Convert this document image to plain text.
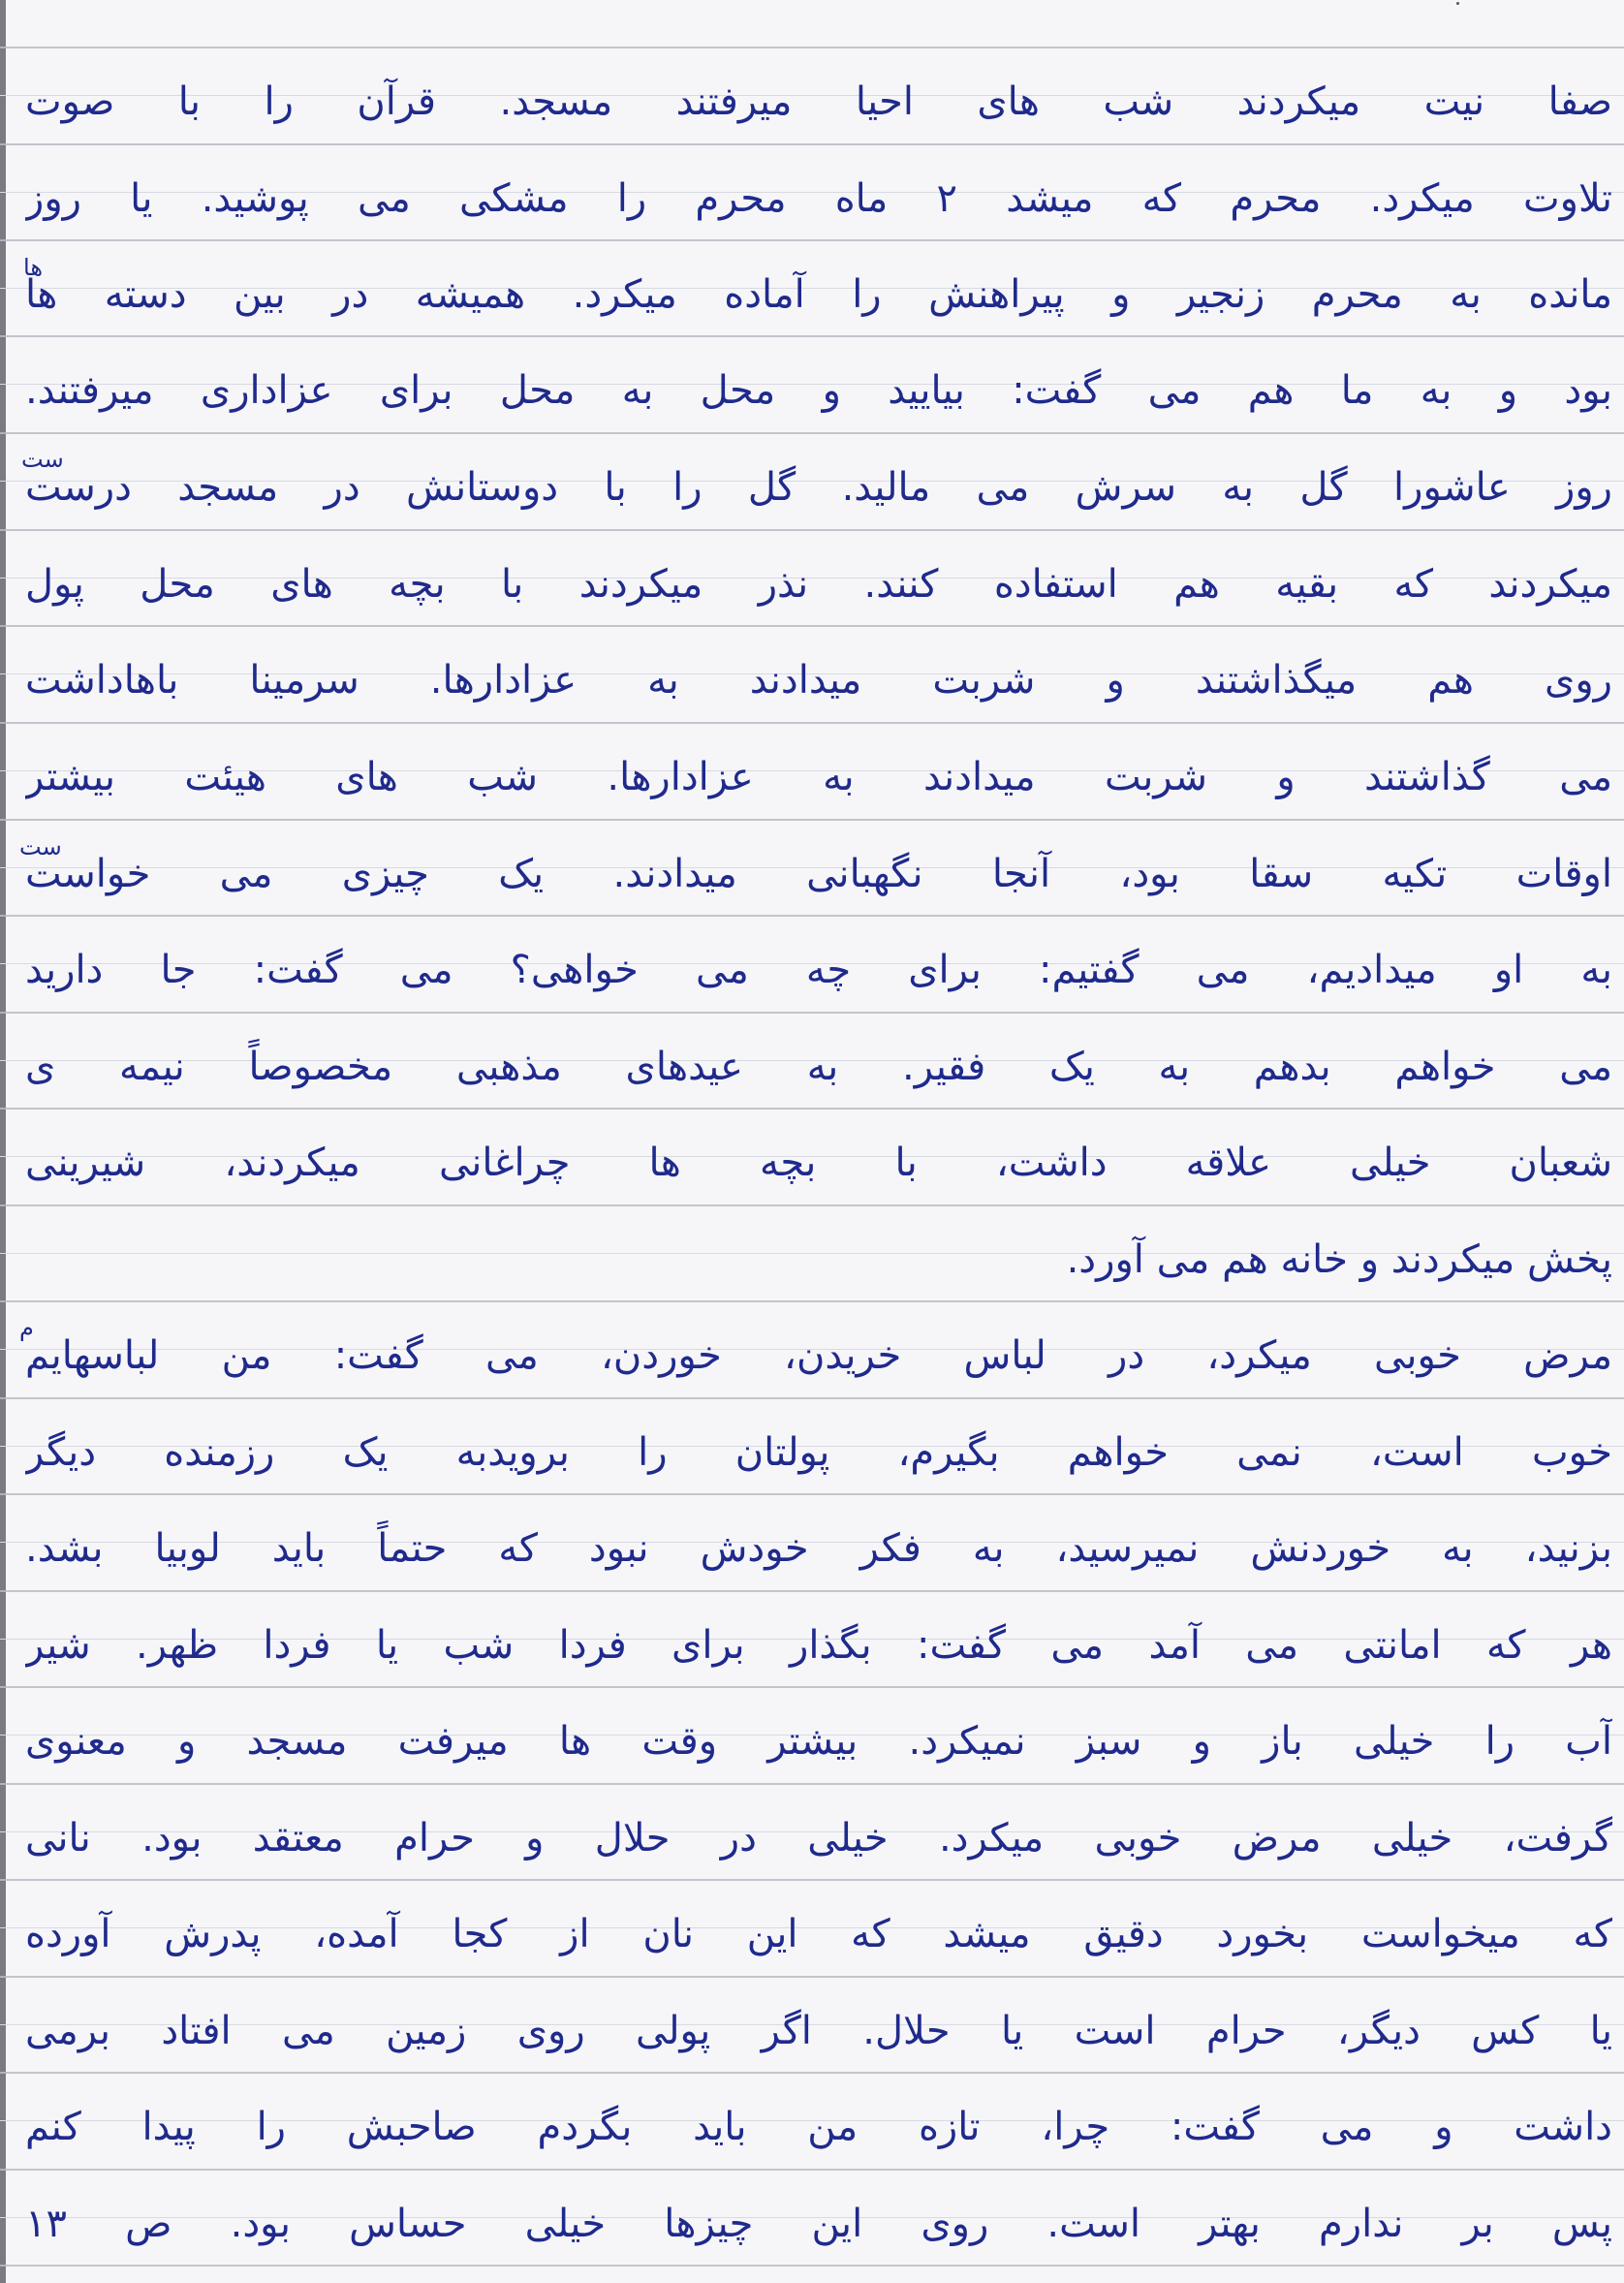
صفا نیت میکردند شب های احیا میرفتند مسجد. قرآن را با صوت
تلاوت میکرد. محرم که میشد ۲ ماه محرم را مشکی می پوشید. یا روز
مانده به محرم زنجیر و پیراهنش را آماده میکرد. همیشه در بین دسته ها
بود و به ما هم می گفت: بیایید و محل به محل برای عزاداری میرفتند.
روز عاشورا گل به سرش می مالید. گل را با دوستانش در مسجد درست
میکردند که بقیه هم استفاده کنند. نذر میکردند با بچه های محل پول
روی هم میگذاشتند و شربت میدادند به عزادارها. سرمینا باهاداشت
می گذاشتند و شربت میدادند به عزادارها. شب های هیئت بیشتر
اوقات تکیه سقا بود، آنجا نگهبانی میدادند. یک چیزی می خواست
به او میدادیم، می گفتیم: برای چه می خواهی؟ می گفت: جا دارید
می خواهم بدهم به یک فقیر. به عیدهای مذهبی مخصوصاً نیمه ی
شعبان خیلی علاقه داشت، با بچه ها چراغانی میکردند، شیرینی
پخش میکردند و خانه هم می آورد.
مرض خوبی میکرد، در لباس خریدن، خوردن، می گفت: من لباسهایم
خوب است، نمی خواهم بگیرم، پولتان را برویدبه یک رزمنده دیگر
بزنید، به خوردنش نمیرسید، به فکر خودش نبود که حتماً باید لوبیا بشد.
هر که امانتی می آمد می گفت: بگذار برای فردا شب یا فردا ظهر. شیر
آب را خیلی باز و سبز نمیکرد. بیشتر وقت ها میرفت مسجد و معنوی
گرفت، خیلی مرض خوبی میکرد. خیلی در حلال و حرام معتقد بود. نانی
که میخواست بخورد دقیق میشد که این نان از کجا آمده، پدرش آورده
یا کس دیگر، حرام است یا حلال. اگر پولی روی زمین می افتاد برمی
داشت و می گفت: چرا، تازه من باید بگردم صاحبش را پیدا کنم
پس بر ندارم بهتر است. روی این چیزها خیلی حساس بود. ص ۱۳
ها
ست
ست
م
